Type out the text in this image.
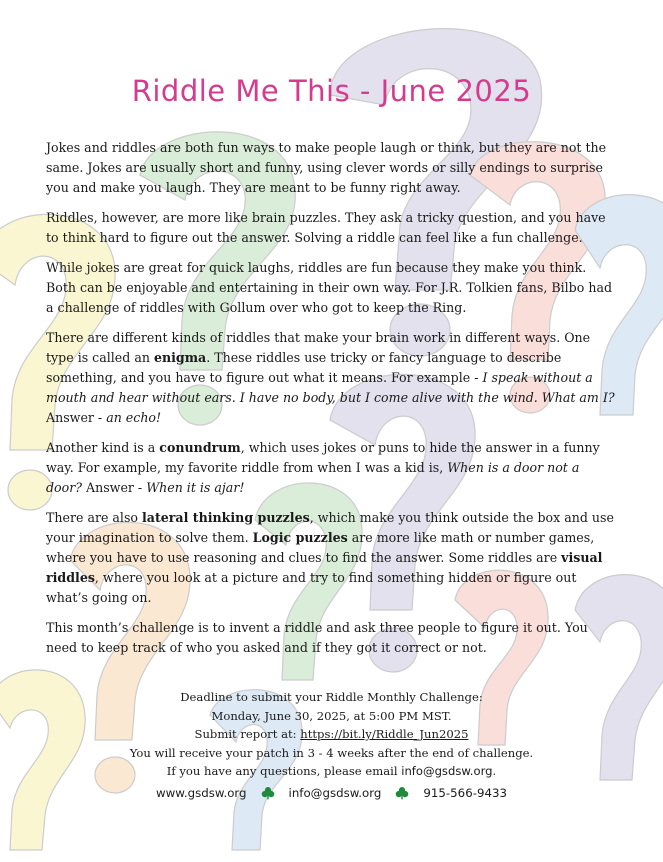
Riddle Me This - June 2025

Jokes and riddles are both fun ways to make people laugh or think, but they are not the same. Jokes are usually short and funny, using clever words or silly endings to surprise you and make you laugh. They are meant to be funny right away.

Riddles, however, are more like brain puzzles. They ask a tricky question, and you have to think hard to figure out the answer. Solving a riddle can feel like a fun challenge.

While jokes are great for quick laughs, riddles are fun because they make you think. Both can be enjoyable and entertaining in their own way. For J.R. Tolkien fans, Bilbo had a challenge of riddles with Gollum over who got to keep the Ring.

There are different kinds of riddles that make your brain work in different ways. One type is called an enigma. These riddles use tricky or fancy language to describe something, and you have to figure out what it means. For example - I speak without a mouth and hear without ears. I have no body, but I come alive with the wind. What am I? Answer - an echo!

Another kind is a conundrum, which uses jokes or puns to hide the answer in a funny way. For example, my favorite riddle from when I was a kid is, When is a door not a door? Answer - When it is ajar!

There are also lateral thinking puzzles, which make you think outside the box and use your imagination to solve them. Logic puzzles are more like math or number games, where you have to use reasoning and clues to find the answer. Some riddles are visual riddles, where you look at a picture and try to find something hidden or figure out what’s going on.

This month’s challenge is to invent a riddle and ask three people to figure it out. You need to keep track of who you asked and if they got it correct or not.

Deadline to submit your Riddle Monthly Challenge:
Monday, June 30, 2025, at 5:00 PM MST.
Submit report at: https://bit.ly/Riddle_Jun2025
You will receive your patch in 3 - 4 weeks after the end of challenge.
If you have any questions, please email info@gsdsw.org.
www.gsdsw.org	info@gsdsw.org	915-566-9433
